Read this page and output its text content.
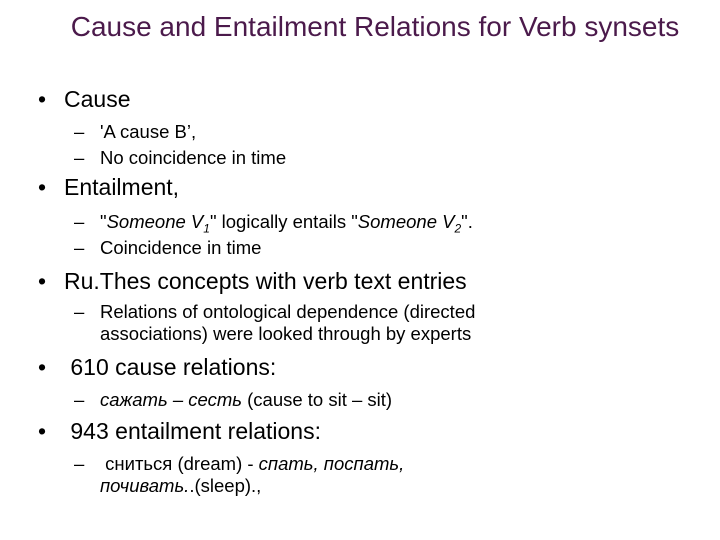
Cause and Entailment Relations for Verb synsets
• Cause
– 'A cause B’,
– No coincidence in time
• Entailment,
– "Someone $V_1$" logically entails "Someone $V_2$".
– Coincidence in time
• Ru.Thes concepts with verb text entries
– Relations of ontological dependence (directed
associations) were looked through by experts
• 610 cause relations:
– сажать – сесть (cause to sit – sit)
• 943 entailment relations:
– сниться (dream) - спать, поспать,
почивать..(sleep).,
